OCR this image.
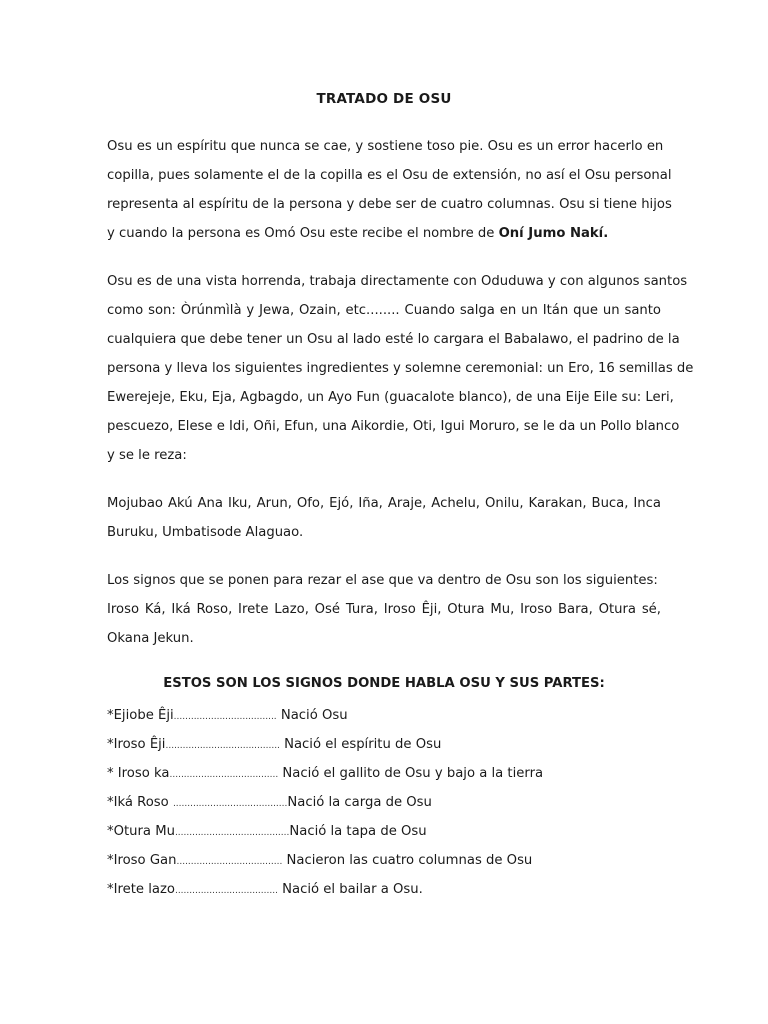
TRATADO DE OSU
Osu es un espíritu que nunca se cae, y sostiene toso pie. Osu es un error hacerlo en
copilla, pues solamente el de la copilla es el Osu de extensión, no así el Osu personal
representa al espíritu de la persona y debe ser de cuatro columnas. Osu si tiene hijos
y cuando la persona es Omó Osu este recibe el nombre de Oní Jumo Nakí.
Osu es de una vista horrenda, trabaja directamente con Oduduwa y con algunos santos
como son: Òrúnmìlà y Jewa, Ozain, etc........ Cuando salga en un Itán que un santo
cualquiera que debe tener un Osu al lado esté lo cargara el Babalawo, el padrino de la
persona y lleva los siguientes ingredientes y solemne ceremonial: un Ero, 16 semillas de
Ewerejeje, Eku, Eja, Agbagdo, un Ayo Fun (guacalote blanco), de una Eije Eile su: Leri,
pescuezo, Elese e Idi, Oñi, Efun, una Aikordie, Oti, Igui Moruro, se le da un Pollo blanco
y se le reza:
Mojubao Akú Ana Iku, Arun, Ofo, Ejó, Iña, Araje, Achelu, Onilu, Karakan, Buca, Inca
Buruku, Umbatisode Alaguao.
Los signos que se ponen para rezar el ase que va dentro de Osu son los siguientes:
Iroso Ká, Iká Roso, Irete Lazo, Osé Tura, Iroso Êji, Otura Mu, Iroso Bara, Otura sé,
Okana Jekun.
ESTOS SON LOS SIGNOS DONDE HABLA OSU Y SUS PARTES:
*Ejiobe Êji.................................... Nació Osu
*Iroso Êji........................................ Nació el espíritu de Osu
* Iroso ka...................................... Nació el gallito de Osu y bajo a la tierra
*Iká Roso ........................................Nació la carga de Osu
*Otura Mu........................................Nació la tapa de Osu
*Iroso Gan..................................... Nacieron las cuatro columnas de Osu
*Irete lazo.................................... Nació el bailar a Osu.
